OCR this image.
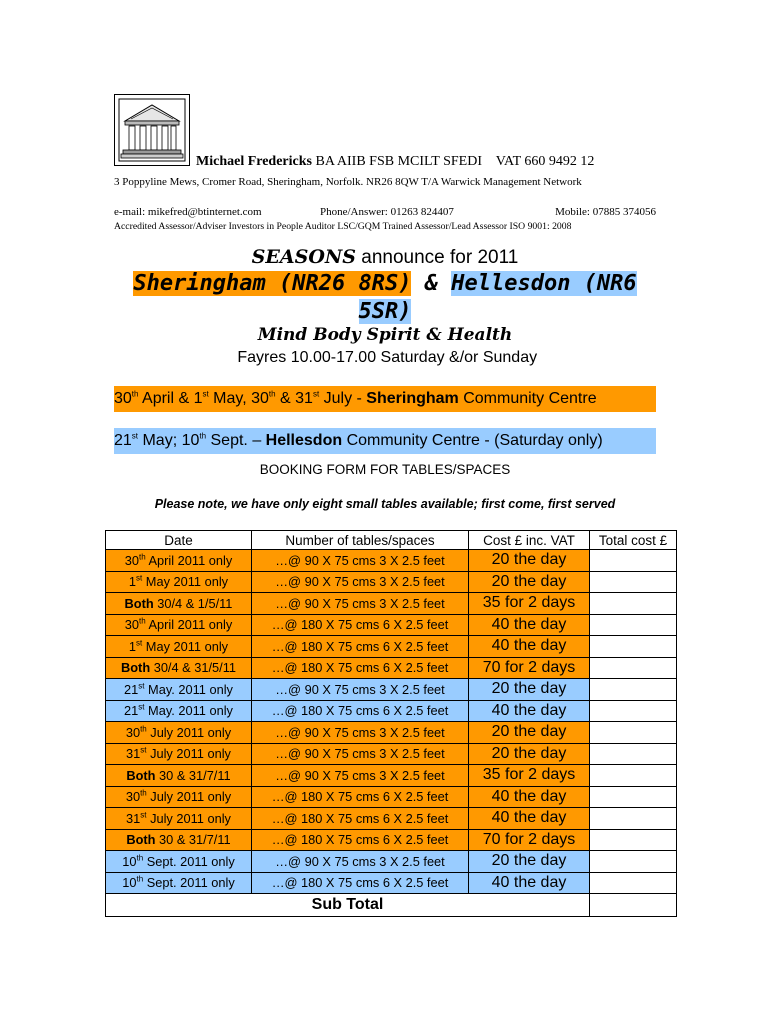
Michael Fredericks BA AIIB FSB MCILT SFEDI    VAT 660 9492 12
3 Poppyline Mews, Cromer Road, Sheringham, Norfolk. NR26 8QW T/A Warwick Management Network
e-mail: mikefred@btinternet.com	Phone/Answer: 01263 824407	Mobile: 07885 374056
Accredited Assessor/Adviser Investors in People Auditor LSC/GQM Trained Assessor/Lead Assessor ISO 9001: 2008
SEASONS announce for 2011
Sheringham (NR26 8RS) & Hellesdon (NR6 5SR)
Mind Body Spirit & Health Fayres 10.00-17.00 Saturday &/or Sunday
30th April & 1st May, 30th & 31st July - Sheringham Community Centre
21st May; 10th Sept. – Hellesdon Community Centre - (Saturday only)
BOOKING FORM FOR TABLES/SPACES
Please note, we have only eight small tables available; first come, first served
Date	Number of tables/spaces	Cost £ inc. VAT	Total cost £
30th April 2011 only	…@ 90 X 75 cms 3 X 2.5 feet	20 the day	
1st May 2011 only	…@ 90 X 75 cms 3 X 2.5 feet	20 the day	
Both 30/4 & 1/5/11	…@ 90 X 75 cms 3 X 2.5 feet	35 for 2 days	
30th April 2011 only	…@ 180 X 75 cms 6 X 2.5 feet	40 the day	
1st May 2011 only	…@ 180 X 75 cms 6 X 2.5 feet	40 the day	
Both 30/4 & 31/5/11	…@ 180 X 75 cms 6 X 2.5 feet	70 for 2 days	
21st May. 2011 only	…@ 90 X 75 cms 3 X 2.5 feet	20 the day	
21st May. 2011 only	…@ 180 X 75 cms 6 X 2.5 feet	40 the day	
30th July 2011 only	…@ 90 X 75 cms 3 X 2.5 feet	20 the day	
31st July 2011 only	…@ 90 X 75 cms 3 X 2.5 feet	20 the day	
Both 30 & 31/7/11	…@ 90 X 75 cms 3 X 2.5 feet	35 for 2 days	
30th July 2011 only	…@ 180 X 75 cms 6 X 2.5 feet	40 the day	
31st July 2011 only	…@ 180 X 75 cms 6 X 2.5 feet	40 the day	
Both 30 & 31/7/11	…@ 180 X 75 cms 6 X 2.5 feet	70 for 2 days	
10th Sept. 2011 only	…@ 90 X 75 cms 3 X 2.5 feet	20 the day	
10th Sept. 2011 only	…@ 180 X 75 cms 6 X 2.5 feet	40 the day	
Sub Total			
